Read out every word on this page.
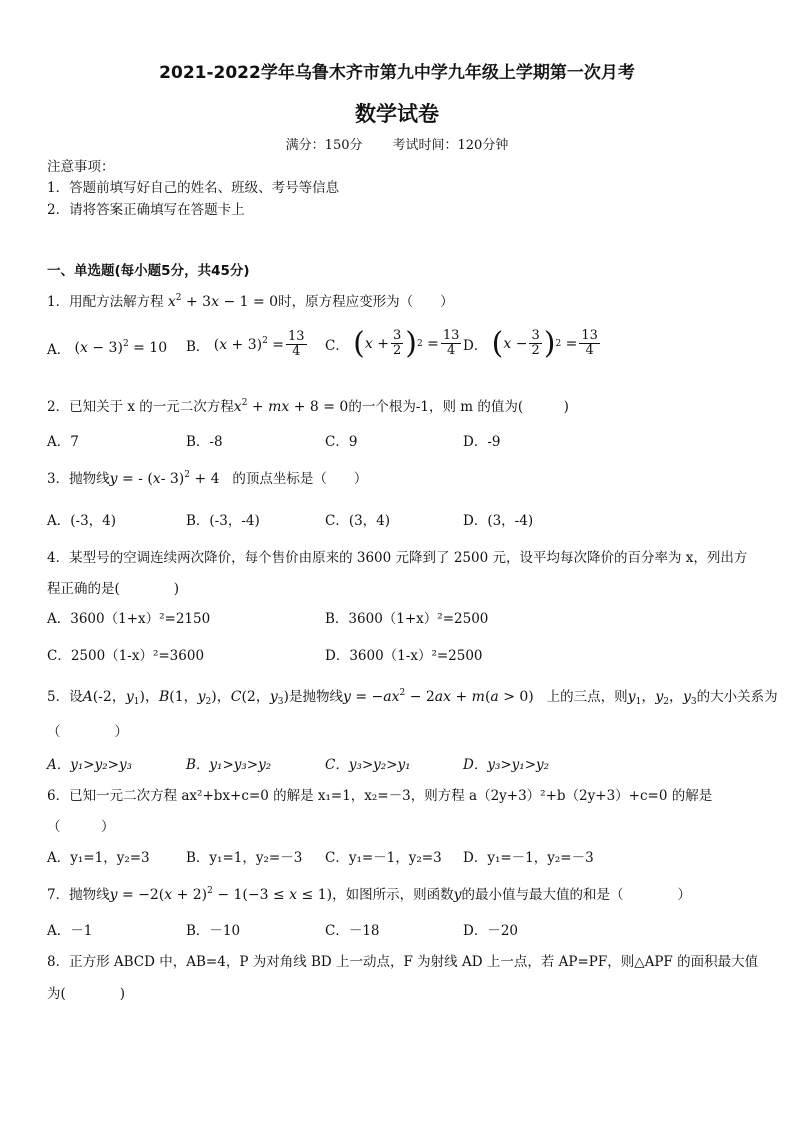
2021-2022学年乌鲁木齐市第九中学九年级上学期第一次月考
数学试卷
满分：150分 考试时间：120分钟
注意事项：
1．答题前填写好自己的姓名、班级、考号等信息
2．请将答案正确填写在答题卡上
一、单选题(每小题5分，共45分)
1．用配方法解方程 $x^2 + 3x - 1 = 0$时，原方程应变形为（　　）
A．
$(x - 3)^2 = 10$ B．
$(x + 3)^2 = \frac{13}{4}$ C．
( $x + \frac{3}{2}$ ) $2 = \frac{13}{4}$ D．
( $x - \frac{3}{2}$ ) $2 = \frac{13}{4}$
2．已知关于 x 的一元二次方程$x^2$ + mx + 8 = 0的一个根为-1，则 m 的值为(　　　)
A．7	B．-8	C．9	D．-9
3．抛物线y = - (x- 3)$^2$ + 4 的顶点坐标是（　　）
A．(-3，4)	B．(-3，-4)	C．(3，4)	D．(3，-4)
4．某型号的空调连续两次降价，每个售价由原来的 3600 元降到了 2500 元，设平均每次降价的百分率为 x，列出方
程正确的是(　　　　)
A．3600（1+x）²=2150	B．3600（1+x）²=2500
C．2500（1-x）²=3600	D．3600（1-x）²=2500
5．设A(-2，$y_1$)，B(1，$y_2$)，C(2，$y_3$)是抛物线$y = -ax^2 - 2ax + m(a > 0)$ 上的三点，则$y_1$，$y_2$，$y_3$的大小关系为
（　　　　）
A．y₁>y₂>y₃	B．y₁>y₃>y₂	C．y₃>y₂>y₁	D．y₃>y₁>y₂
6．已知一元二次方程 ax²+bx+c=0 的解是 x₁=1，x₂=－3，则方程 a（2y+3）²+b（2y+3）+c=0 的解是
（　　　）
A．y₁=1，y₂=3	B．y₁=1，y₂=－3 C．y₁=－1，y₂=3 D．y₁=－1，y₂=－3
7．抛物线$y = -2(x + 2)^2 - 1(-3 \le x \le 1)$，如图所示，则函数y的最小值与最大值的和是（　　　　）
A．－1	B．－10	C．－18	D．－20
8．正方形 ABCD 中，AB=4，P 为对角线 BD 上一动点，F 为射线 AD 上一点，若 AP=PF，则△APF 的面积最大值
为(　　　　)
